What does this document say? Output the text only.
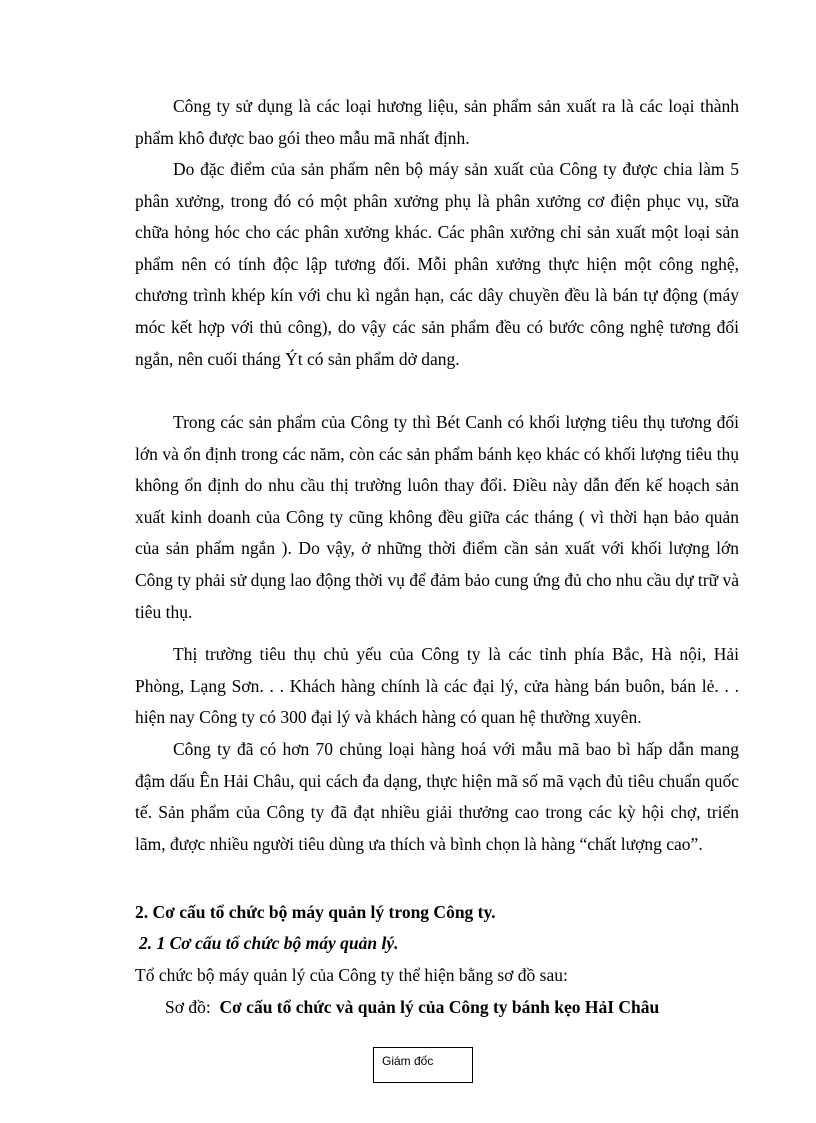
Công ty sử dụng là các loại hương liệu, sản phẩm sản xuất ra là các loại thành phẩm khô được bao gói theo mẫu mã nhất định.

Do đặc điểm của sản phẩm nên bộ máy sản xuất của Công ty được chia làm 5 phân xưởng, trong đó có một phân xưởng phụ là phân xưởng cơ điện phục vụ, sữa chữa hỏng hóc cho các phân xưởng khác. Các phân xưởng chỉ sản xuất một loại sản phẩm nên có tính độc lập tương đối. Mỗi phân xưởng thực hiện một công nghệ, chương trình khép kín với chu kì ngắn hạn, các dây chuyền đều là bán tự động (máy móc kết hợp với thủ công), do vậy các sản phẩm đều có bước công nghệ tương đối ngắn, nên cuối tháng Ýt có sản phẩm dở dang.

Trong các sản phẩm của Công ty thì Bét Canh có khối lượng tiêu thụ tương đối lớn và ổn định trong các năm, còn các sản phẩm bánh kẹo khác có khối lượng tiêu thụ không ổn định do nhu cầu thị trường luôn thay đổi. Điều này dẫn đến kế hoạch sản xuất kinh doanh của Công ty cũng không đều giữa các tháng ( vì thời hạn bảo quản của sản phẩm ngắn ). Do vậy, ở những thời điểm cần sản xuất với khối lượng lớn Công ty phải sử dụng lao động thời vụ để đảm bảo cung ứng đủ cho nhu cầu dự trữ và tiêu thụ.

Thị trường tiêu thụ chủ yếu của Công ty là các tỉnh phía Bắc, Hà nội, Hải Phòng, Lạng Sơn. . . Khách hàng chính là các đại lý, cửa hàng bán buôn, bán lẻ. . . hiện nay Công ty có 300 đại lý và khách hàng có quan hệ thường xuyên.

Công ty đã có hơn 70 chủng loại hàng hoá với mẫu mã bao bì hấp dẫn mang đậm dấu Ên Hải Châu, qui cách đa dạng, thực hiện mã số mã vạch đủ tiêu chuẩn quốc tế. Sản phẩm của Công ty đã đạt nhiều giải thưởng cao trong các kỳ hội chợ, triển lãm, được nhiều người tiêu dùng ưa thích và bình chọn là hàng “chất lượng cao”.

2. Cơ cấu tổ chức bộ máy quản lý trong Công ty.

2. 1 Cơ cấu tổ chức bộ máy quản lý.

Tổ chức bộ máy quản lý của Công ty thể hiện bằng sơ đồ sau:

Sơ đồ: Cơ cấu tổ chức và quản lý của Công ty bánh kẹo HảI Châu

Giám đốc
